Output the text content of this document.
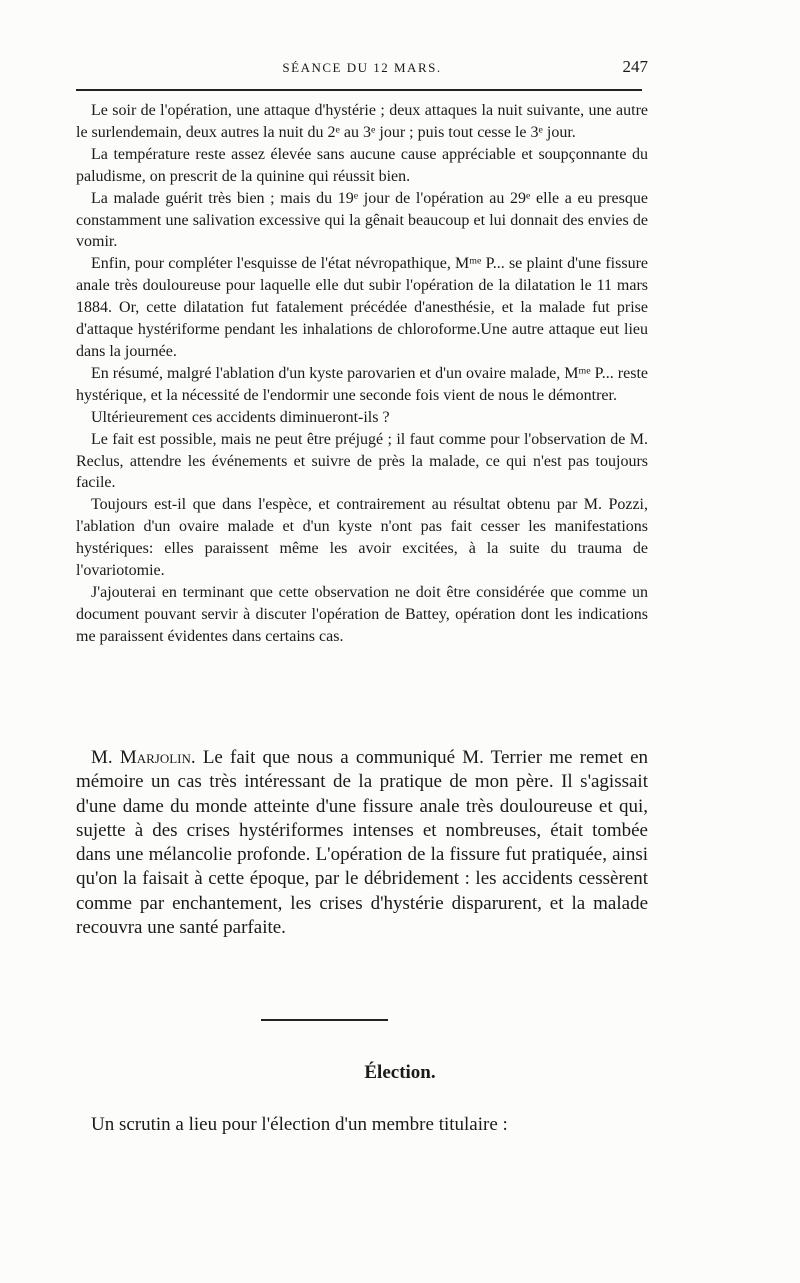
SÉANCE DU 12 MARS.	247

Le soir de l'opération, une attaque d'hystérie ; deux attaques la nuit suivante, une autre le surlendemain, deux autres la nuit du 2e au 3e jour ; puis tout cesse le 3e jour.

La température reste assez élevée sans aucune cause appréciable et soupçonnante du paludisme, on prescrit de la quinine qui réussit bien.

La malade guérit très bien ; mais du 19e jour de l'opération au 29e elle a eu presque constamment une salivation excessive qui la gênait beaucoup et lui donnait des envies de vomir.

Enfin, pour compléter l'esquisse de l'état névropathique, $M^{me}$ P... se plaint d'une fissure anale très douloureuse pour laquelle elle dut subir l'opération de la dilatation le 11 mars 1884. Or, cette dilatation fut fatalement précédée d'anesthésie, et la malade fut prise d'attaque hystériforme pendant les inhalations de chloroforme.Une autre attaque eut lieu dans la journée.

En résumé, malgré l'ablation d'un kyste parovarien et d'un ovaire malade, $M^{me}$ P... reste hystérique, et la nécessité de l'endormir une seconde fois vient de nous le démontrer.

Ultérieurement ces accidents diminueront-ils ?

Le fait est possible, mais ne peut être préjugé ; il faut comme pour l'observation de M. Reclus, attendre les événements et suivre de près la malade, ce qui n'est pas toujours facile.

Toujours est-il que dans l'espèce, et contrairement au résultat obtenu par M. Pozzi, l'ablation d'un ovaire malade et d'un kyste n'ont pas fait cesser les manifestations hystériques: elles paraissent même les avoir excitées, à la suite du trauma de l'ovariotomie.

J'ajouterai en terminant que cette observation ne doit être considérée que comme un document pouvant servir à discuter l'opération de Battey, opération dont les indications me paraissent évidentes dans certains cas.

M. Marjolin. Le fait que nous a communiqué M. Terrier me remet en mémoire un cas très intéressant de la pratique de mon père. Il s'agissait d'une dame du monde atteinte d'une fissure anale très douloureuse et qui, sujette à des crises hystériformes intenses et nombreuses, était tombée dans une mélancolie profonde. L'opération de la fissure fut pratiquée, ainsi qu'on la faisait à cette époque, par le débridement : les accidents cessèrent comme par enchantement, les crises d'hystérie disparurent, et la malade recouvra une santé parfaite.

Élection.
Un scrutin a lieu pour l'élection d'un membre titulaire :
